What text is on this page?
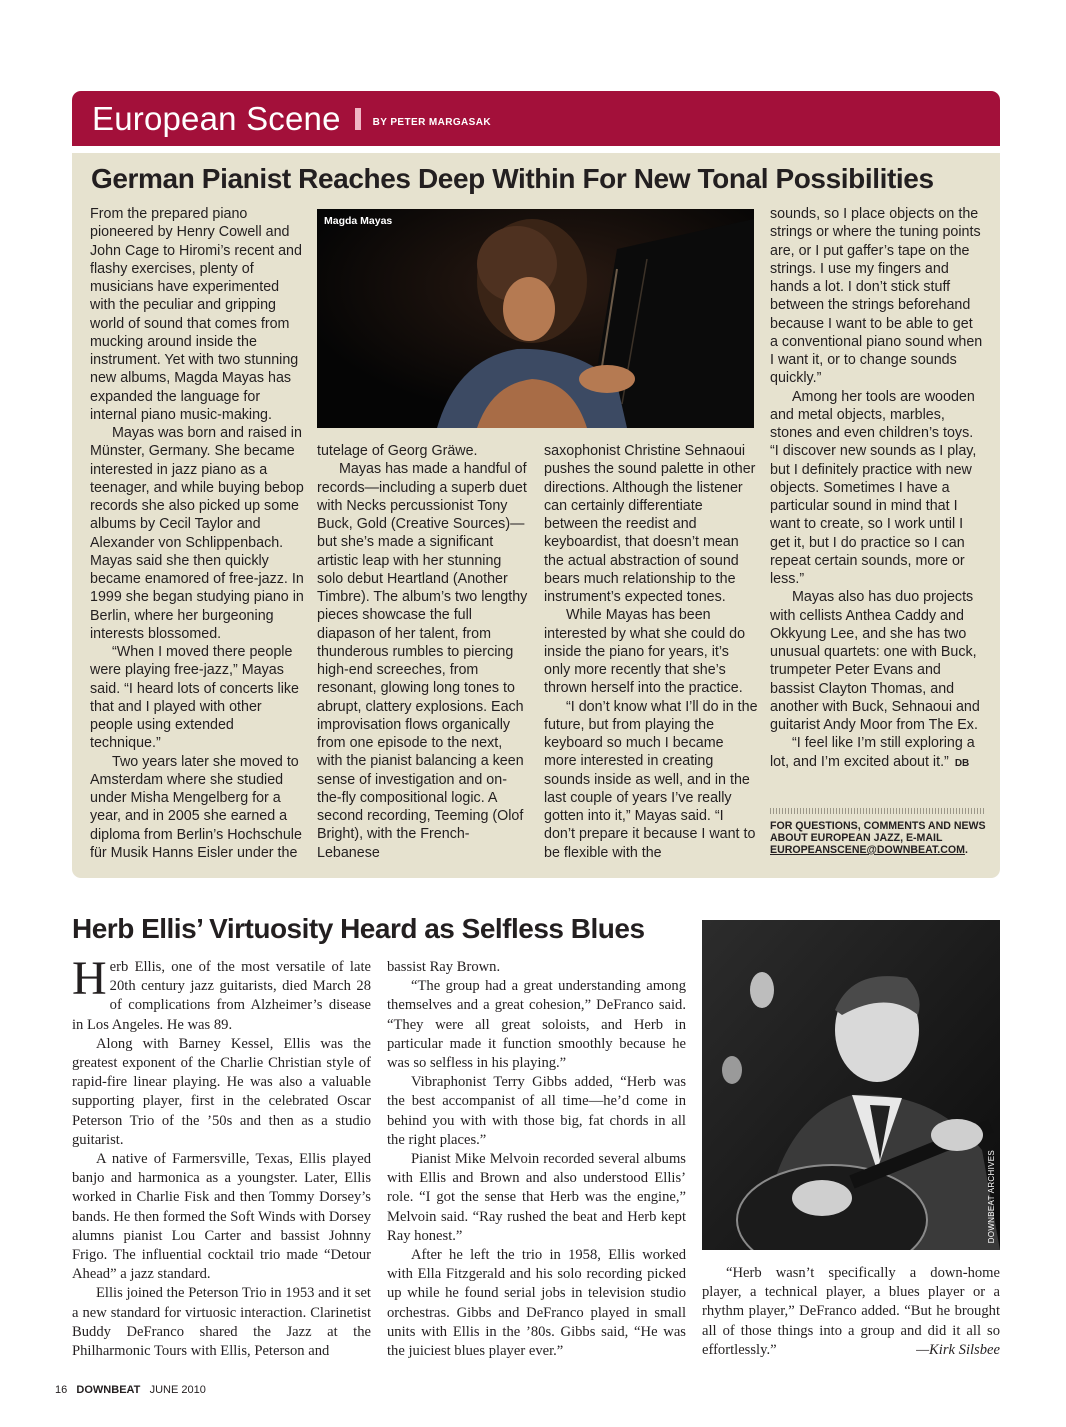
European Scene	BY PETER MARGASAK
German Pianist Reaches Deep Within For New Tonal Possibilities

From the prepared piano pioneered by Henry Cowell and John Cage to Hiromi’s recent and flashy exercises, plenty of musicians have experimented with the peculiar and gripping world of sound that comes from mucking around inside the instrument. Yet with two stunning new albums, Magda Mayas has expanded the language for internal piano music-making.

Mayas was born and raised in Münster, Germany. She became interested in jazz piano as a teenager, and while buying bebop records she also picked up some albums by Cecil Taylor and Alexander von Schlippenbach. Mayas said she then quickly became enamored of free-jazz. In 1999 she began studying piano in Berlin, where her burgeoning interests blossomed.

“When I moved there people were playing free-jazz,” Mayas said. “I heard lots of concerts like that and I played with other people using extended technique.”

Two years later she moved to Amsterdam where she studied under Misha Mengelberg for a year, and in 2005 she earned a diploma from Berlin’s Hochschule für Musik Hanns Eisler under the

Magda Mayas

tutelage of Georg Gräwe.

Mayas has made a handful of records—including a superb duet with Necks percussionist Tony Buck, Gold (Creative Sources)—but she’s made a significant artistic leap with her stunning solo debut Heartland (Another Timbre). The album’s two lengthy pieces showcase the full diapason of her talent, from thunderous rumbles to piercing high-end screeches, from resonant, glowing long tones to abrupt, clattery explosions. Each improvisation flows organically from one episode to the next, with the pianist balancing a keen sense of investigation and on-the-fly compositional logic. A second recording, Teeming (Olof Bright), with the French-Lebanese

saxophonist Christine Sehnaoui pushes the sound palette in other directions. Although the listener can certainly differentiate between the reedist and keyboardist, that doesn’t mean the actual abstraction of sound bears much relationship to the instrument’s expected tones.

While Mayas has been interested by what she could do inside the piano for years, it’s only more recently that she’s thrown herself into the practice.

“I don’t know what I’ll do in the future, but from playing the keyboard so much I became more interested in creating sounds inside as well, and in the last couple of years I’ve really gotten into it,” Mayas said. “I don’t prepare it because I want to be flexible with the

sounds, so I place objects on the strings or where the tuning points are, or I put gaffer’s tape on the strings. I use my fingers and hands a lot. I don’t stick stuff between the strings beforehand because I want to be able to get a conventional piano sound when I want it, or to change sounds quickly.”

Among her tools are wooden and metal objects, marbles, stones and even children’s toys. “I discover new sounds as I play, but I definitely practice with new objects. Sometimes I have a particular sound in mind that I want to create, so I work until I get it, but I do practice so I can repeat certain sounds, more or less.”

Mayas also has duo projects with cellists Anthea Caddy and Okkyung Lee, and she has two unusual quartets: one with Buck, trumpeter Peter Evans and bassist Clayton Thomas, and another with Buck, Sehnaoui and guitarist Andy Moor from The Ex.

“I feel like I’m still exploring a lot, and I’m excited about it.” DB

FOR QUESTIONS, COMMENTS AND NEWS ABOUT EUROPEAN JAZZ, E-MAIL EUROPEANSCENE@DOWNBEAT.COM.
Herb Ellis’ Virtuosity Heard as Selfless Blues

Herb Ellis, one of the most versatile of late 20th century jazz guitarists, died March 28 of complications from Alzheimer’s disease in Los Angeles. He was 89.

Along with Barney Kessel, Ellis was the greatest exponent of the Charlie Christian style of rapid-fire linear playing. He was also a valuable supporting player, first in the celebrated Oscar Peterson Trio of the ’50s and then as a studio guitarist.

A native of Farmersville, Texas, Ellis played banjo and harmonica as a youngster. Later, Ellis worked in Charlie Fisk and then Tommy Dorsey’s bands. He then formed the Soft Winds with Dorsey alumns pianist Lou Carter and bassist Johnny Frigo. The influential cocktail trio made “Detour Ahead” a jazz standard.

Ellis joined the Peterson Trio in 1953 and it set a new standard for virtuosic interaction. Clarinetist Buddy DeFranco shared the Jazz at the Philharmonic Tours with Ellis, Peterson and

bassist Ray Brown.

“The group had a great understanding among themselves and a great cohesion,” DeFranco said. “They were all great soloists, and Herb in particular made it function smoothly because he was so selfless in his playing.”

Vibraphonist Terry Gibbs added, “Herb was the best accompanist of all time—he’d come in behind you with with those big, fat chords in all the right places.”

Pianist Mike Melvoin recorded several albums with Ellis and Brown and also understood Ellis’ role. “I got the sense that Herb was the engine,” Melvoin said. “Ray rushed the beat and Herb kept Ray honest.”

After he left the trio in 1958, Ellis worked with Ella Fitzgerald and his solo recording picked up while he found serial jobs in television studio orchestras. Gibbs and DeFranco played in small units with Ellis in the ’80s. Gibbs said, “He was the juiciest blues player ever.”

DOWNBEAT ARCHIVES

“Herb wasn’t specifically a down-home player, a technical player, a blues player or a rhythm player,” DeFranco added. “But he brought all of those things into a group and did it all so effortlessly.”	—Kirk Silsbee

16 DOWNBEAT JUNE 2010
